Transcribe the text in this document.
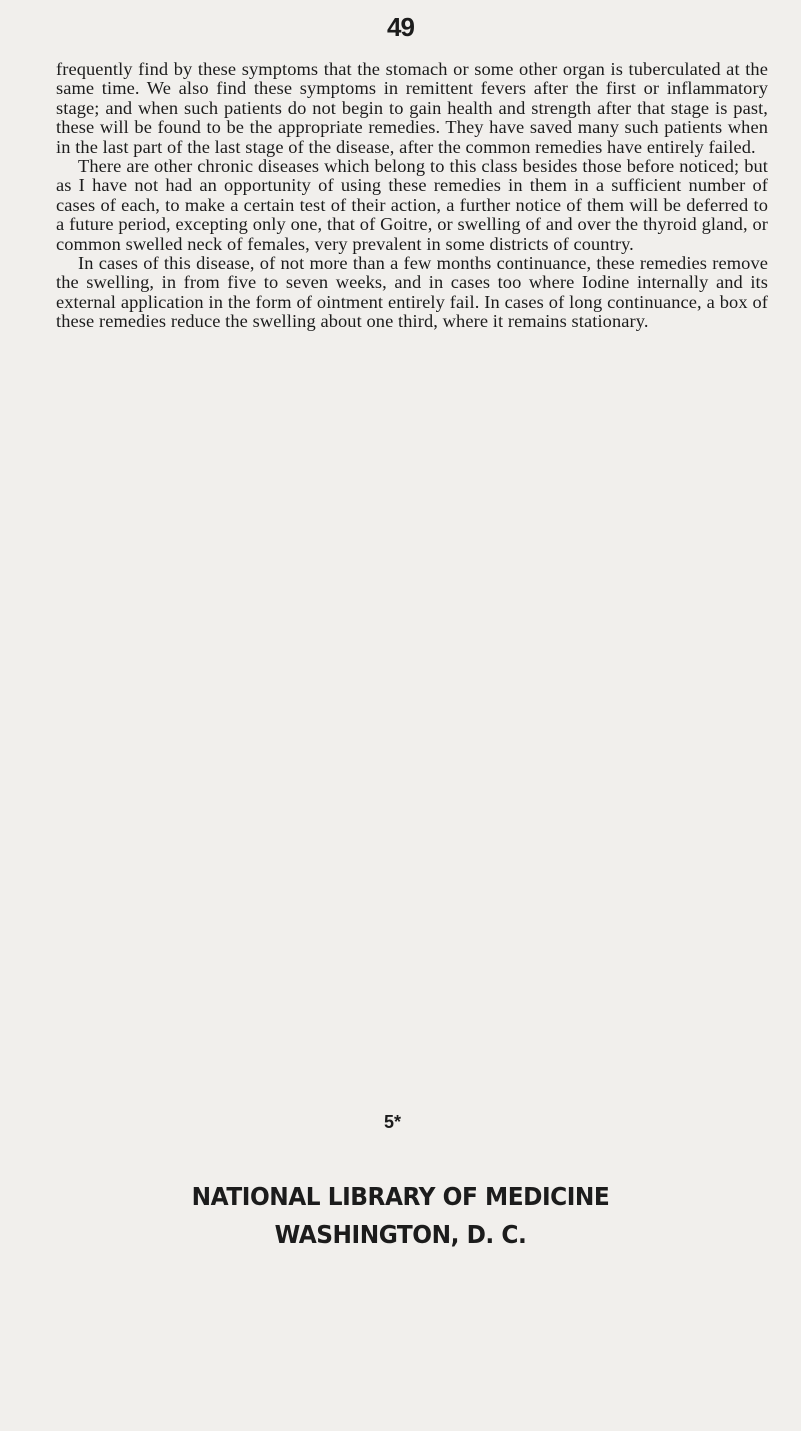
49

frequently find by these symptoms that the stomach or some other organ is tuberculated at the same time. We also find these symptoms in remittent fevers after the first or inflammatory stage; and when such patients do not begin to gain health and strength after that stage is past, these will be found to be the appropriate remedies. They have saved many such patients when in the last part of the last stage of the disease, after the common remedies have entirely failed.

There are other chronic diseases which belong to this class besides those before noticed; but as I have not had an opportunity of using these remedies in them in a sufficient number of cases of each, to make a certain test of their action, a further notice of them will be deferred to a future period, excepting only one, that of Goitre, or swelling of and over the thyroid gland, or common swelled neck of females, very prevalent in some districts of country.

In cases of this disease, of not more than a few months continuance, these remedies remove the swelling, in from five to seven weeks, and in cases too where Iodine internally and its external application in the form of ointment entirely fail. In cases of long continuance, a box of these remedies reduce the swelling about one third, where it remains stationary.

5*
NATIONAL LIBRARY OF MEDICINE
WASHINGTON, D. C.
